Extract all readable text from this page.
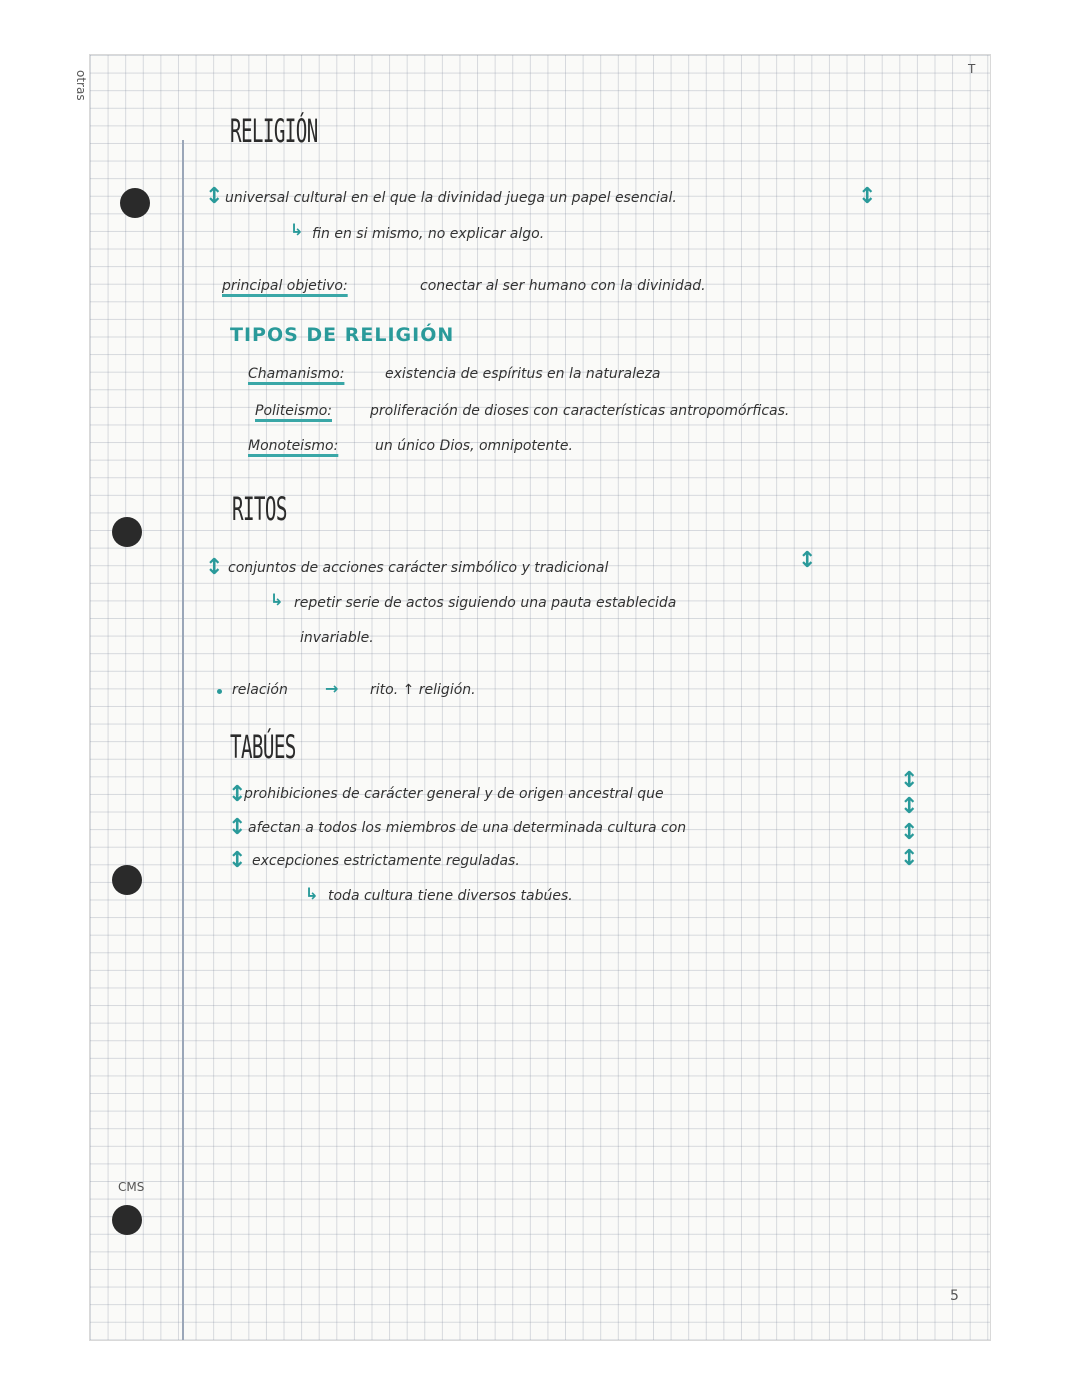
otras
CMS
T
5
RELIGIÓN
↕ universal cultural en el que la divinidad juega un papel esencial.	↕
↳ fin en si mismo, no explicar algo.
principal objetivo:	conectar al ser humano con la divinidad.
TIPOS DE RELIGIÓN
Chamanismo:	existencia de espíritus en la naturaleza
Politeismo:	proliferación de dioses con características antropomórficas.
Monoteismo:	un único Dios, omnipotente.
RITOS
↕ conjuntos de acciones carácter simbólico y tradicional	↕
↳ repetir serie de actos siguiendo una pauta establecida
invariable.
relación → rito. ↑ religión.
TABÚES
↕
prohibiciones de carácter general y de origen ancestral que
↕ afectan a todos los miembros de una determinada cultura con
↕ excepciones estrictamente reguladas.
↕
↕
↕
↕
↳ toda cultura tiene diversos tabúes.
